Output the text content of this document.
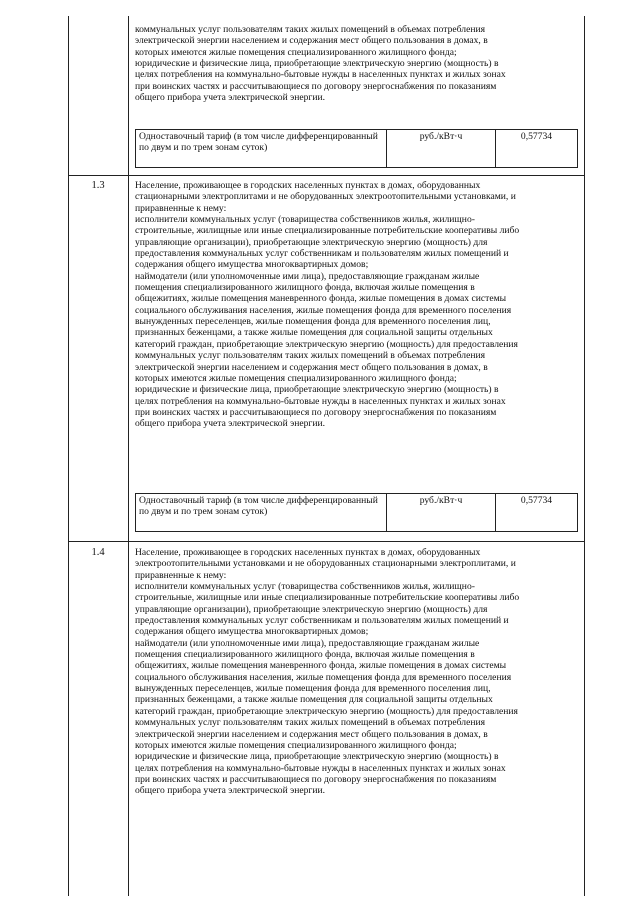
коммунальных услуг пользователям таких жилых помещений в объемах потребления

электрической энергии населением и содержания мест общего пользования в домах, в

которых имеются жилые помещения специализированного жилищного фонда;

юридические и физические лица, приобретающие электрическую энергию (мощность) в

целях потребления на коммунально-бытовые нужды в населенных пунктах и жилых зонах

при воинских частях и рассчитывающиеся по договору энергоснабжения по показаниям

общего прибора учета электрической энергии.

Одноставочный тариф (в том числе дифференцированный по двум и по трем зонам суток)	руб./кВт·ч	0,57734
1.3	Население, проживающее в городских населенных пунктах в домах, оборудованных

стационарными электроплитами и не оборудованных электроотопительными установками, и

приравненные к нему:

исполнители коммунальных услуг (товарищества собственников жилья, жилищно-

строительные, жилищные или иные специализированные потребительские кооперативы либо

управляющие организации), приобретающие электрическую энергию (мощность) для

предоставления коммунальных услуг собственникам и пользователям жилых помещений и

содержания общего имущества многоквартирных домов;

наймодатели (или уполномоченные ими лица), предоставляющие гражданам жилые

помещения специализированного жилищного фонда, включая жилые помещения в

общежитиях, жилые помещения маневренного фонда, жилые помещения в домах системы

социального обслуживания населения, жилые помещения фонда для временного поселения

вынужденных переселенцев, жилые помещения фонда для временного поселения лиц,

признанных беженцами, а также жилые помещения для социальной защиты отдельных

категорий граждан, приобретающие электрическую энергию (мощность) для предоставления

коммунальных услуг пользователям таких жилых помещений в объемах потребления

электрической энергии населением и содержания мест общего пользования в домах, в

которых имеются жилые помещения специализированного жилищного фонда;

юридические и физические лица, приобретающие электрическую энергию (мощность) в

целях потребления на коммунально-бытовые нужды в населенных пунктах и жилых зонах

при воинских частях и рассчитывающиеся по договору энергоснабжения по показаниям

общего прибора учета электрической энергии.

Одноставочный тариф (в том числе дифференцированный по двум и по трем зонам суток)	руб./кВт·ч	0,57734
1.4	Население, проживающее в городских населенных пунктах в домах, оборудованных

электроотопительными установками и не оборудованных стационарными электроплитами, и

приравненные к нему:

исполнители коммунальных услуг (товарищества собственников жилья, жилищно-

строительные, жилищные или иные специализированные потребительские кооперативы либо

управляющие организации), приобретающие электрическую энергию (мощность) для

предоставления коммунальных услуг собственникам и пользователям жилых помещений и

содержания общего имущества многоквартирных домов;

наймодатели (или уполномоченные ими лица), предоставляющие гражданам жилые

помещения специализированного жилищного фонда, включая жилые помещения в

общежитиях, жилые помещения маневренного фонда, жилые помещения в домах системы

социального обслуживания населения, жилые помещения фонда для временного поселения

вынужденных переселенцев, жилые помещения фонда для временного поселения лиц,

признанных беженцами, а также жилые помещения для социальной защиты отдельных

категорий граждан, приобретающие электрическую энергию (мощность) для предоставления

коммунальных услуг пользователям таких жилых помещений в объемах потребления

электрической энергии населением и содержания мест общего пользования в домах, в

которых имеются жилые помещения специализированного жилищного фонда;

юридические и физические лица, приобретающие электрическую энергию (мощность) в

целях потребления на коммунально-бытовые нужды в населенных пунктах и жилых зонах

при воинских частях и рассчитывающиеся по договору энергоснабжения по показаниям

общего прибора учета электрической энергии.
